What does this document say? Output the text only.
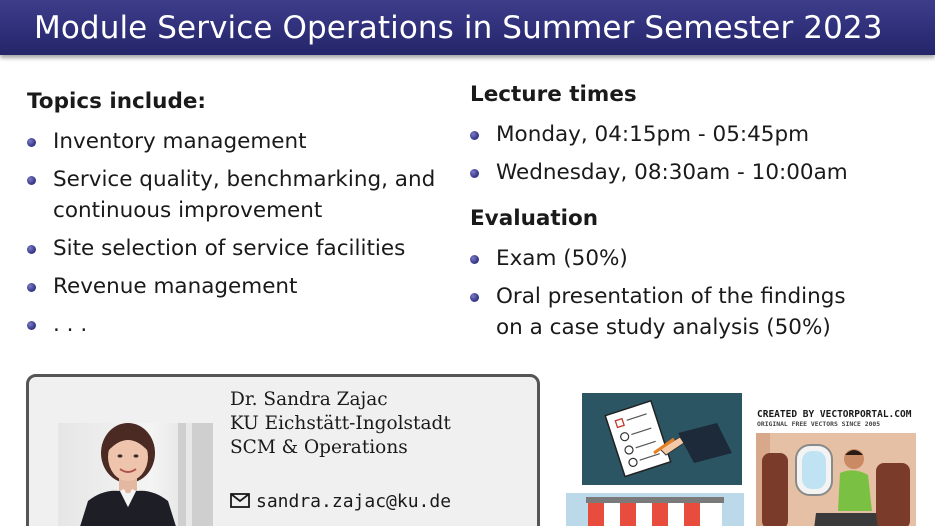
Module Service Operations in Summer Semester 2023
Topics include:
Inventory management
Service quality, benchmarking, and
continuous improvement
Site selection of service facilities
Revenue management
. . .
Lecture times
Monday, 04:15pm - 05:45pm
Wednesday, 08:30am - 10:00am
Evaluation
Exam (50%)
Oral presentation of the findings
on a case study analysis (50%)
Dr. Sandra Zajac
KU Eichstätt-Ingolstadt
SCM & Operations
sandra.zajac@ku.de
CREATED BY VECTORPORTAL.COM
ORIGINAL FREE VECTORS SINCE 2005
